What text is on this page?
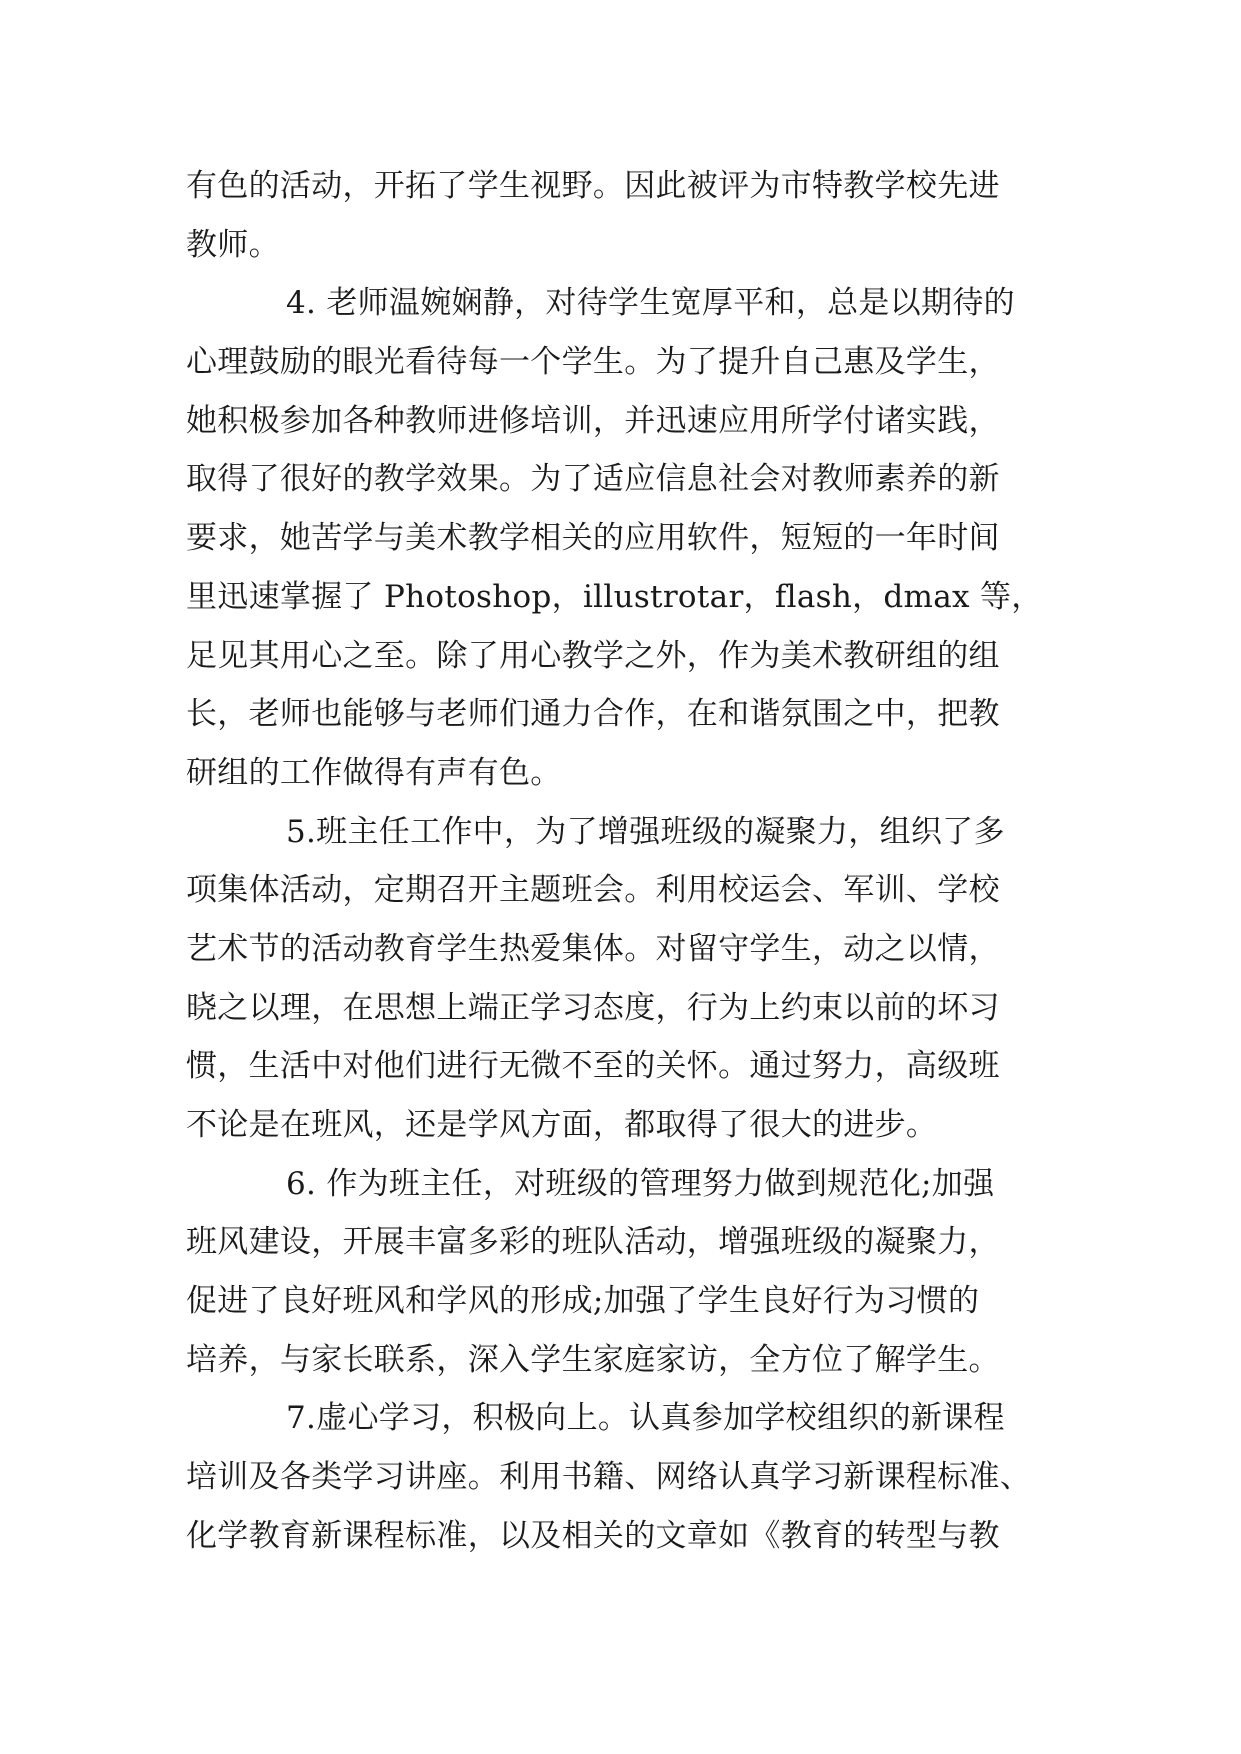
有色的活动，开拓了学生视野。因此被评为市特教学校先进
教师。
4. 老师温婉娴静，对待学生宽厚平和，总是以期待的
心理鼓励的眼光看待每一个学生。为了提升自己惠及学生，
她积极参加各种教师进修培训，并迅速应用所学付诸实践，
取得了很好的教学效果。为了适应信息社会对教师素养的新
要求，她苦学与美术教学相关的应用软件，短短的一年时间
里迅速掌握了 Photoshop，illustrotar，flash，dmax 等，
足见其用心之至。除了用心教学之外，作为美术教研组的组
长，老师也能够与老师们通力合作，在和谐氛围之中，把教
研组的工作做得有声有色。
5.班主任工作中，为了增强班级的凝聚力，组织了多
项集体活动，定期召开主题班会。利用校运会、军训、学校
艺术节的活动教育学生热爱集体。对留守学生，动之以情，
晓之以理，在思想上端正学习态度，行为上约束以前的坏习
惯，生活中对他们进行无微不至的关怀。通过努力，高级班
不论是在班风，还是学风方面，都取得了很大的进步。
6. 作为班主任，对班级的管理努力做到规范化;加强
班风建设，开展丰富多彩的班队活动，增强班级的凝聚力，
促进了良好班风和学风的形成;加强了学生良好行为习惯的
培养，与家长联系，深入学生家庭家访，全方位了解学生。
7.虚心学习，积极向上。认真参加学校组织的新课程
培训及各类学习讲座。利用书籍、网络认真学习新课程标准、
化学教育新课程标准，以及相关的文章如《教育的转型与教
